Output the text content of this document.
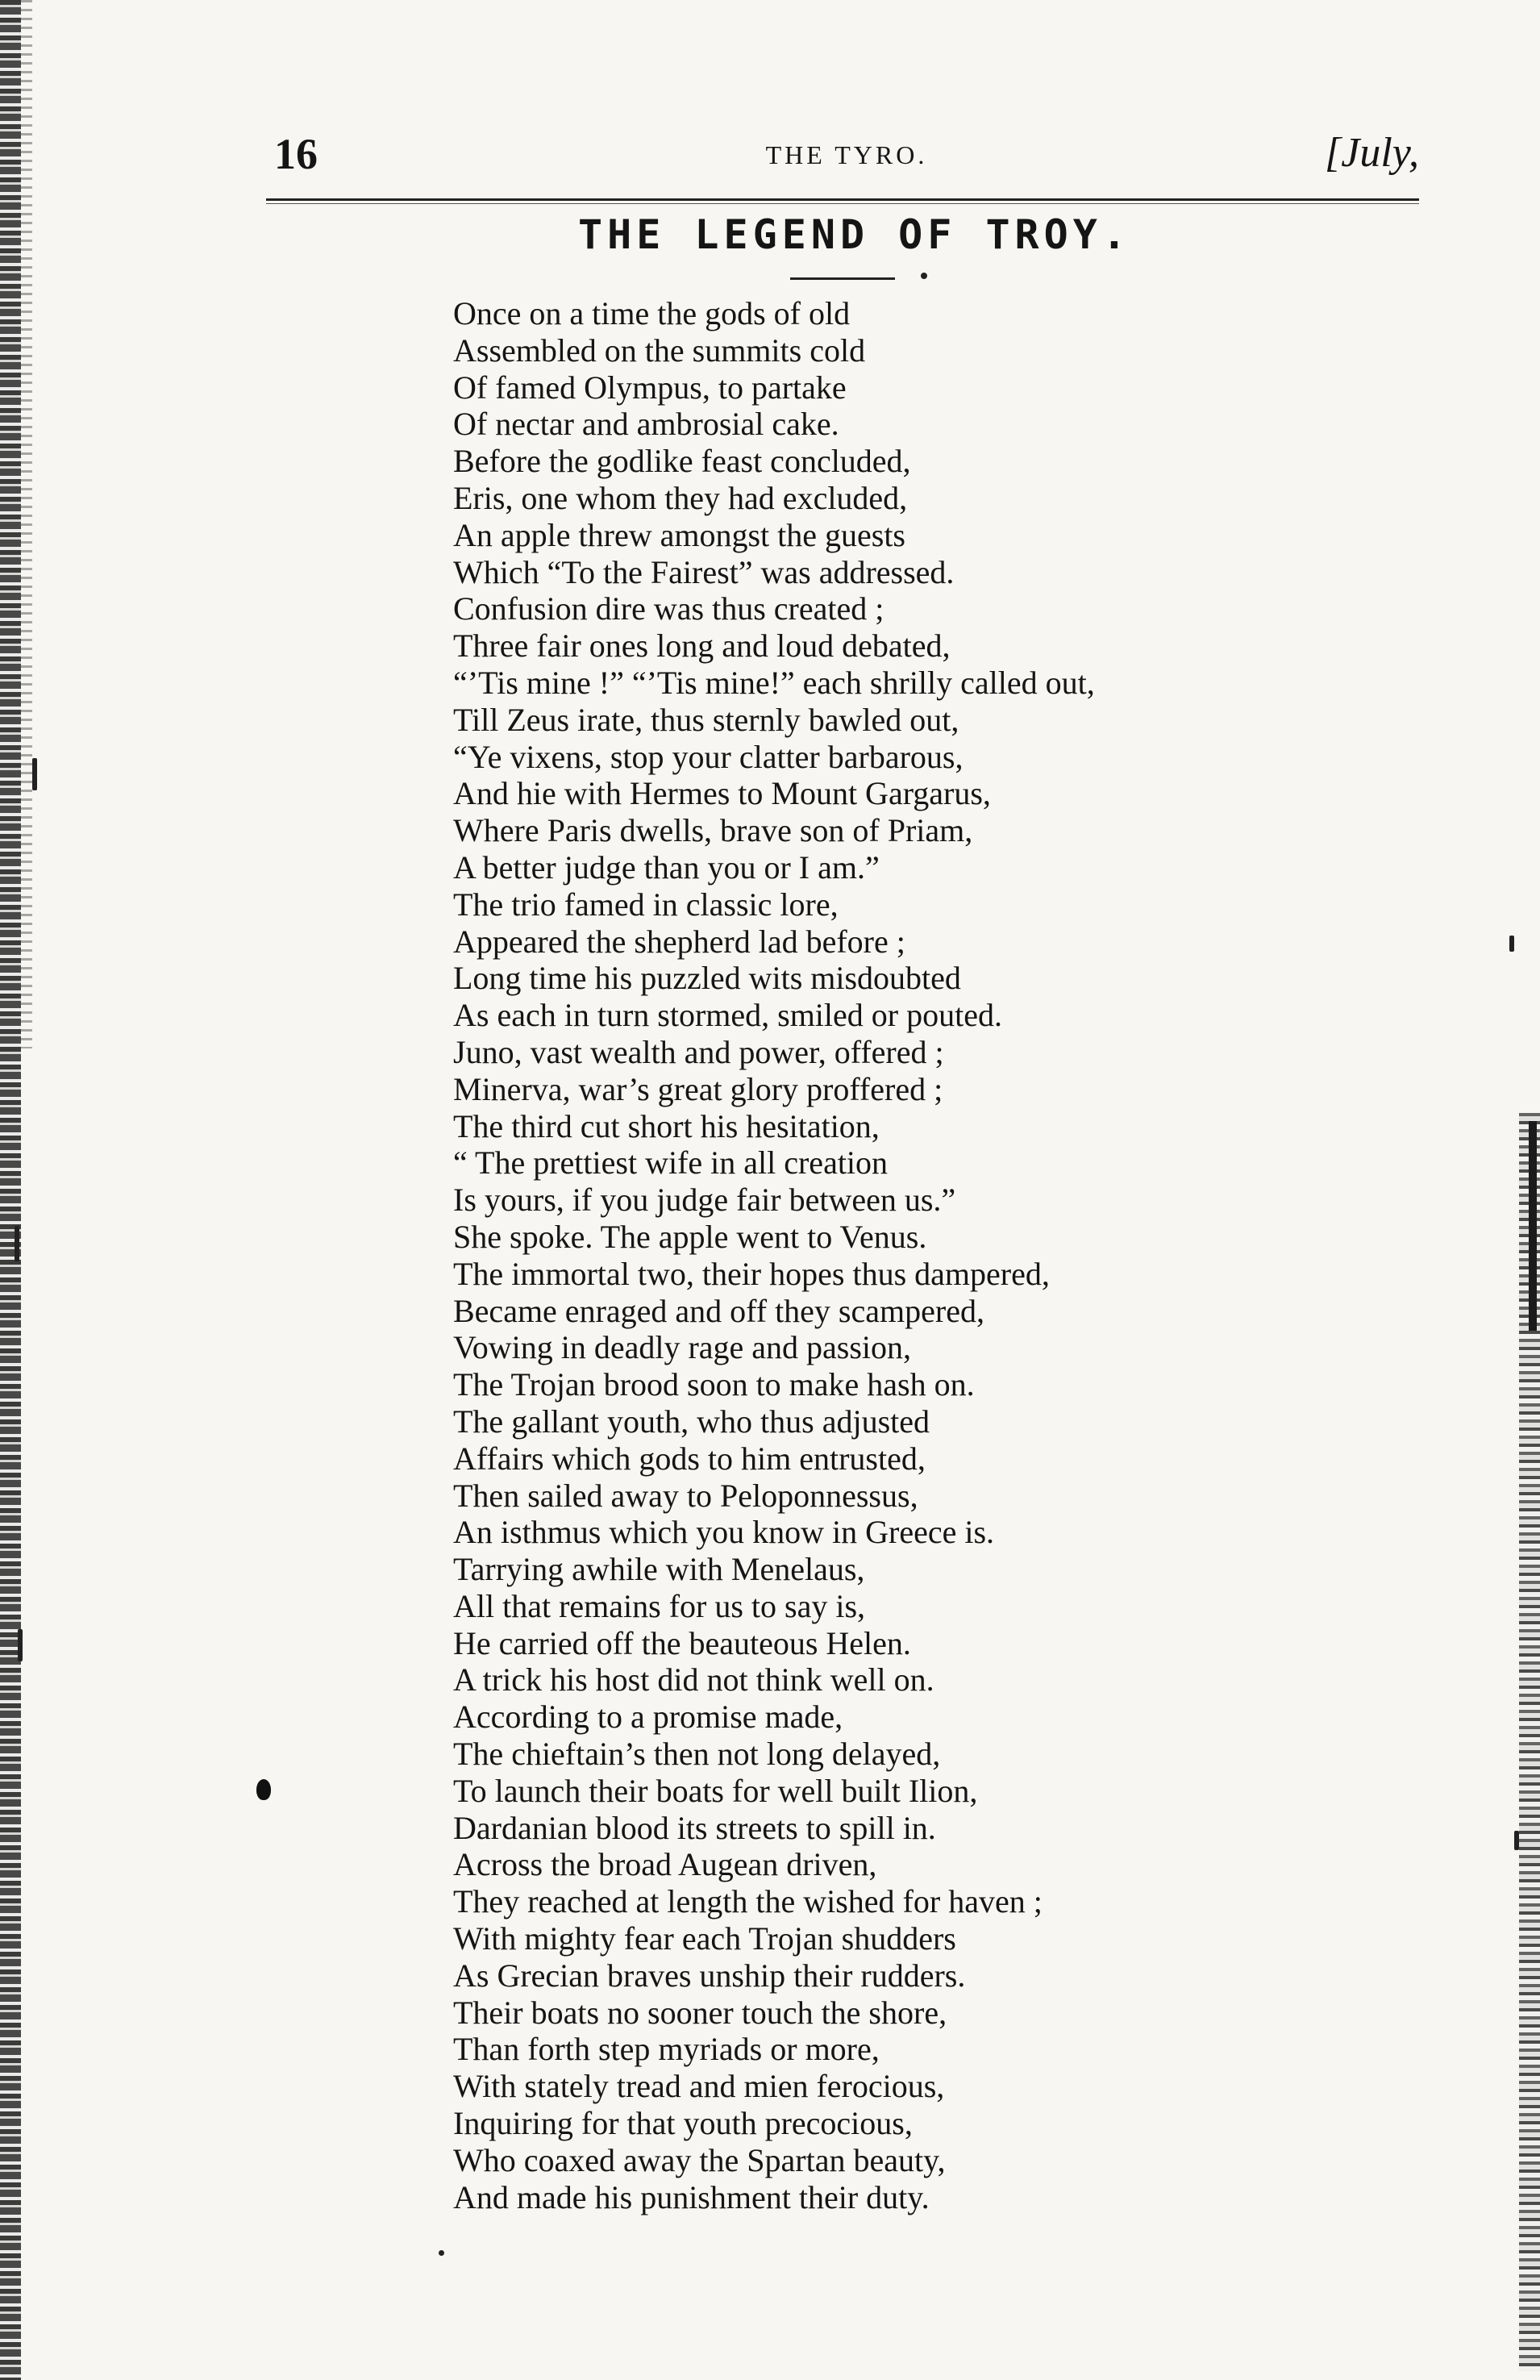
16	THE TYRO.	[July,
THE LEGEND OF TROY.
Once on a time the gods of old
Assembled on the summits cold
Of famed Olympus, to partake
Of nectar and ambrosial cake.
Before the godlike feast concluded,
Eris, one whom they had excluded,
An apple threw amongst the guests
Which “To the Fairest” was addressed.
Confusion dire was thus created ;
Three fair ones long and loud debated,
“’Tis mine !” “’Tis mine!” each shrilly called out,
Till Zeus irate, thus sternly bawled out,
“Ye vixens, stop your clatter barbarous,
And hie with Hermes to Mount Gargarus,
Where Paris dwells, brave son of Priam,
A better judge than you or I am.”
The trio famed in classic lore,
Appeared the shepherd lad before ;
Long time his puzzled wits misdoubted
As each in turn stormed, smiled or pouted.
Juno, vast wealth and power, offered ;
Minerva, war’s great glory proffered ;
The third cut short his hesitation,
“ The prettiest wife in all creation
Is yours, if you judge fair between us.”
She spoke. The apple went to Venus.
The immortal two, their hopes thus dampered,
Became enraged and off they scampered,
Vowing in deadly rage and passion,
The Trojan brood soon to make hash on.
The gallant youth, who thus adjusted
Affairs which gods to him entrusted,
Then sailed away to Peloponnessus,
An isthmus which you know in Greece is.
Tarrying awhile with Menelaus,
All that remains for us to say is,
He carried off the beauteous Helen.
A trick his host did not think well on.
According to a promise made,
The chieftain’s then not long delayed,
To launch their boats for well built Ilion,
Dardanian blood its streets to spill in.
Across the broad Augean driven,
They reached at length the wished for haven ;
With mighty fear each Trojan shudders
As Grecian braves unship their rudders.
Their boats no sooner touch the shore,
Than forth step myriads or more,
With stately tread and mien ferocious,
Inquiring for that youth precocious,
Who coaxed away the Spartan beauty,
And made his punishment their duty.
